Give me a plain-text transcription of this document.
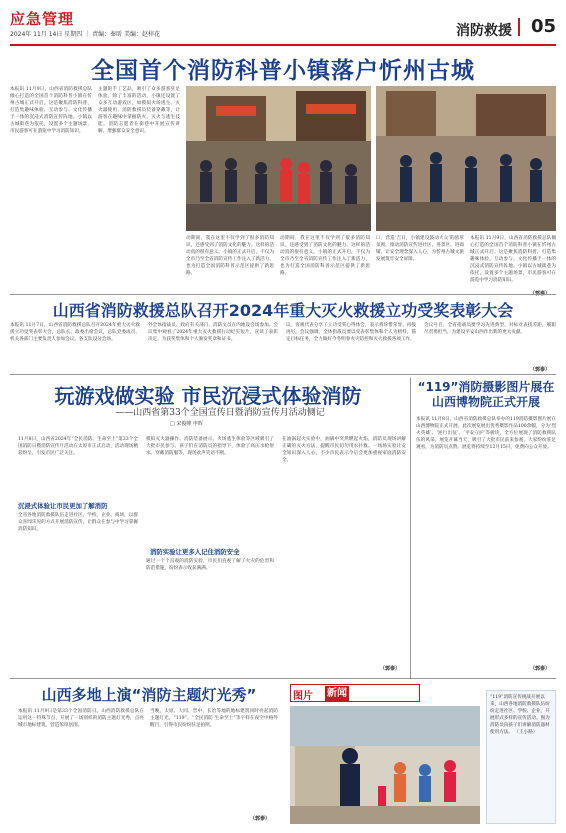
应急管理
2024年 11月 14日 星期四 ｜ 责编：秦昕 美编：赵梓花	消防救援 05
全国首个消防科普小镇落户忻州古城
本报讯 11月9日，山西省消防救援总队倾心打造的全国首个消防科普小镇在忻州古城正式开启。这是聚焦消防科普，打造集趣味体验、互动参与、文化传播于一体的沉浸式消防宣传阵地。小镇以古城街巷为依托，设置多个主题场景，市民游客可在游览中学习消防知识。
主题的手工艺品，吸引了众多游客驻足体验。除了丰富的活动，小镇还设置了众多互动游戏区，如模拟火场逃生、灭火器使用、消防救援员装备穿戴等，让游客在趣味中掌握防火、灭火与逃生技能。消防志愿者在街巷中开展宣传讲解，增强群众安全意识。
动期间，我在这里不仅学到了很多消防知识，还感受到了消防文化的魅力。这样的活动真的很有意义。小镇的正式开启，不仅为全市乃至全省消防宣传工作注入了新活力，也为打造全国消防科普示范区提供了新思路。
动期间，我在这里不仅学到了很多消防知识，还感受到了消防文化的魅力。这样的活动真的很有意义。小镇的正式开启，不仅为全市乃至全省消防宣传工作注入了新活力，也为打造全国消防科普示范区提供了新思路。
口，营造‘吉日，小镇建设鼓动大众’的浓厚氛围，推动消防宣传进社区、进景区、进商铺，让安全理念深入人心，为忻州古城文旅发展筑牢安全屏障。
本报讯 11月9日，山西省消防救援总队倾心打造的全国首个消防科普小镇在忻州古城正式开启。这是聚焦消防科普，打造集趣味体验、互动参与、文化传播于一体的沉浸式消防宣传阵地。小镇以古城街巷为依托，设置多个主题场景，市民游客可在游览中学习消防知识。
山西省消防救援总队召开2024年重大灭火救援立功受奖表彰大会
本报讯 11月7日，山西省消防救援总队召开2024年重大灭火救援立功受奖表彰大会。总队长、政委出席会议，总队党委成员、机关各部门主要负责人参加会议，各支队设分会场。
外全体指战员、政府有关部门、消防文员在内地设会场参加。会议集中观看了2024年重大灭火救援行动纪实短片，宣读了表彰决定，为获奖集体和个人颁发奖章和证书。
议，客观代表分享了立功受奖心得体会，表示将珍惜荣誉、再接再厉。会议强调，全体指战员要以受表彰集体和个人为榜样，锚定目标任务，全力做好今冬明春火灾防控和灭火救援各项工作。
会议号召，全省指战员要学习先进典型，对标对表找差距，履职尽责勇担当，为建设平安山西作出新的更大贡献。
（郭泰）
玩游戏做实验 市民沉浸式体验消防
——山西省第33个全国宣传日暨消防宣传月活动侧记
□ 宋俊峰 申晖
11月8日，山西省2024年“全民消防、生命至上”第33个全国消防日暨消防宣传月活动在太原市正式启动，活动现场精彩纷呈，引发市民广泛关注。
沉浸式体验让市民更加了解消防
全省各地消防救援队伍走进社区、学校、企业、商场，以群众喜闻乐见的方式开展消防宣传，让群众在参与中学习掌握消防知识。
模拟灭火器操作、消防装备展示、火场逃生体验等区域吸引了大批市民参与。孩子们在消防员的指导下，体验了高压水枪射水、穿戴消防服等，现场欢声笑语不断。
消防实验让更多人记住消防安全
通过一个个直观的消防实验，市民们直观了解了火灾的危害和防范措施，纷纷表示收获满满。
在油锅起火实验中，油锅中突然燃起火焰，消防员现场讲解正确的灭火方法，提醒市民切勿用水扑救。一场场实验让安全知识深入人心，不少市民表示今后会更加重视家庭消防安全。
（郭泰）
“119”消防摄影图片展在山西博物院正式开展
本报讯 11月8日，山西省消防救援总队举办的119消防摄影图片展在山西博物院正式开展。此次展览展出优秀摄影作品100余幅，分为‘烈火英雄’、‘逆行出征’、‘平安守护’等板块，全方位展现了消防救援队伍的风采。展览开幕当天，吸引了大批市民前来参观，大家纷纷驻足观看，为消防员点赞。展览将持续至12月15日，免费向公众开放。
（郭泰）
山西多地上演“消防主题灯光秀”
本报讯 11月9日是第33个全国消防日。山西消防救援总队在运用这一特殊节点，开展了一场别样的消防主题灯光秀，点亮城市地标建筑，营造浓厚氛围。
当晚，太原、大同、晋中、长治等地的地标建筑同时亮起消防主题灯光，“119”、“全民消防 生命至上”等字样在夜空中格外醒目，引得市民纷纷驻足拍照。
（郭泰）
图片 新闻	“119”消防宣传挑战开展以来，山西各地消防救援队伍纷纷走进社区、学校、企业，开展形式多样的宣传活动。图为消防员向孩子们讲解消防器材使用方法。 （王小路）
